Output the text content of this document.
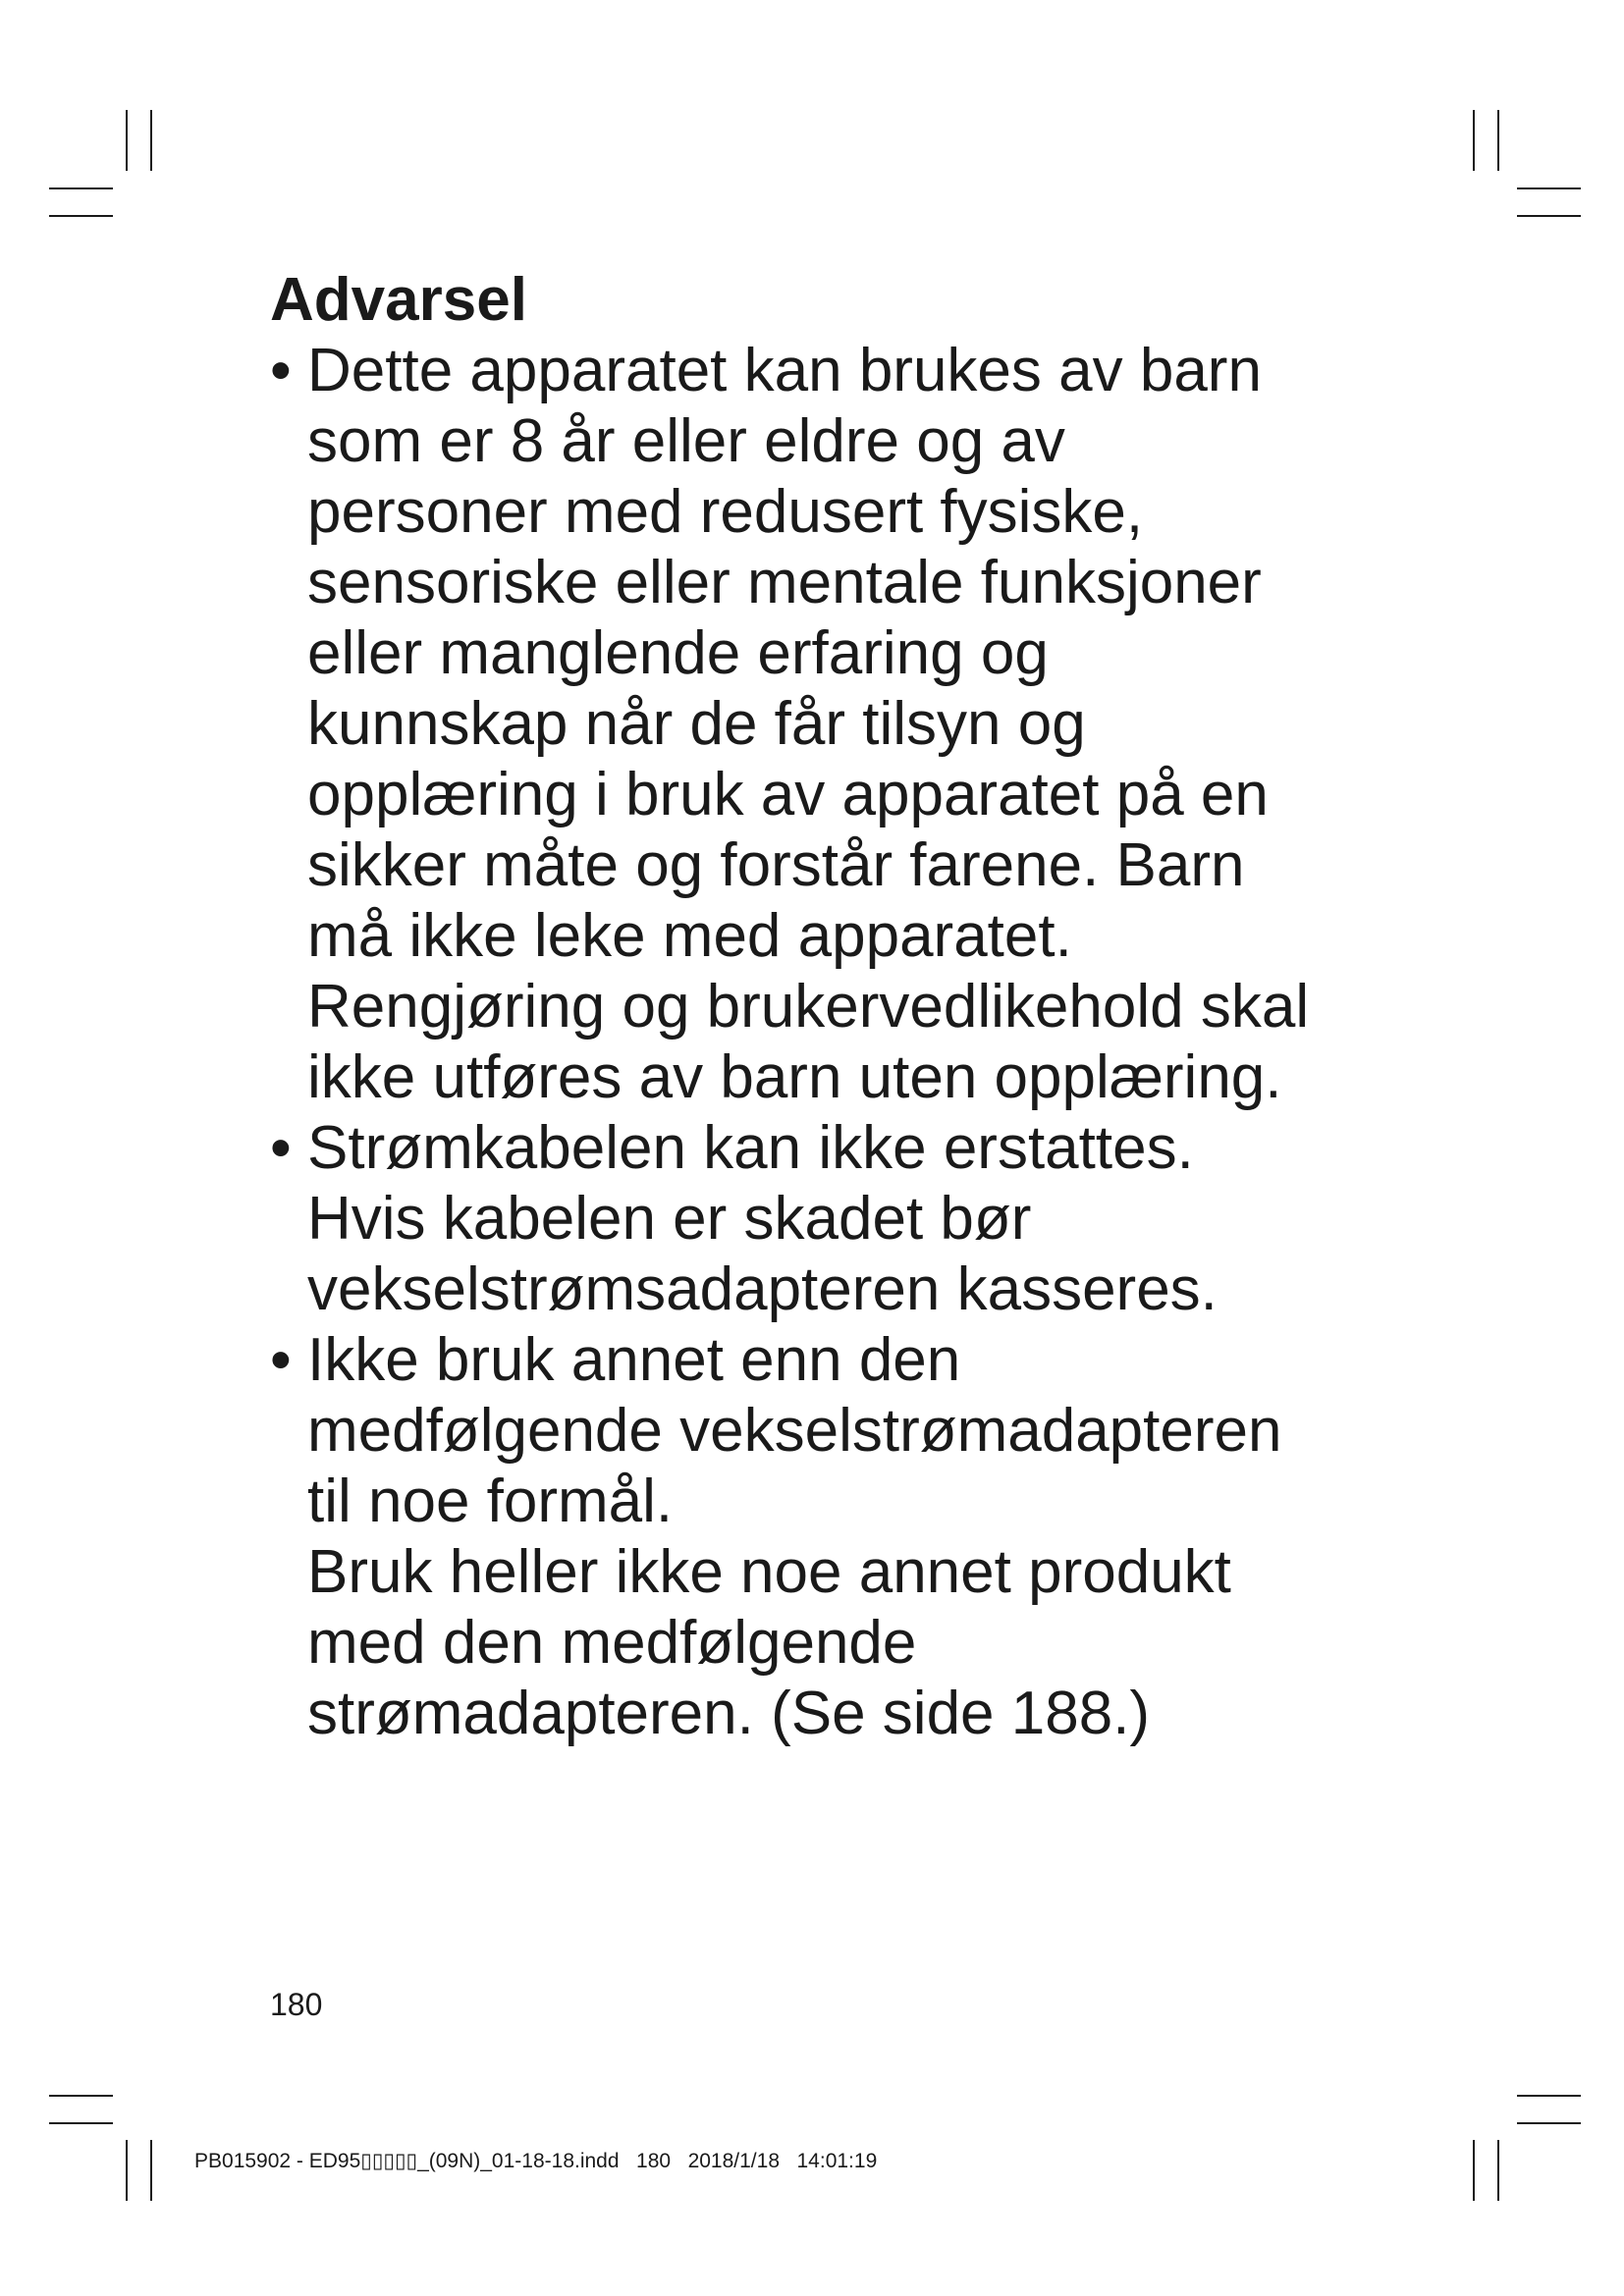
Advarsel
• Dette apparatet kan brukes av barn
som er 8 år eller eldre og av
personer med redusert fysiske,
sensoriske eller mentale funksjoner
eller manglende erfaring og
kunnskap når de får tilsyn og
opplæring i bruk av apparatet på en
sikker måte og forstår farene. Barn
må ikke leke med apparatet.
Rengjøring og brukervedlikehold skal
ikke utføres av barn uten opplæring.
• Strømkabelen kan ikke erstattes.
Hvis kabelen er skadet bør
vekselstrømsadapteren kasseres.
• Ikke bruk annet enn den
medfølgende vekselstrømadapteren
til noe formål.
Bruk heller ikke noe annet produkt
med den medfølgende
strømadapteren. (Se side 188.)
180
PB015902 - ED95▯▯▯▯▯_(09N)_01-18-18.indd   180   2018/1/18   14:01:19
